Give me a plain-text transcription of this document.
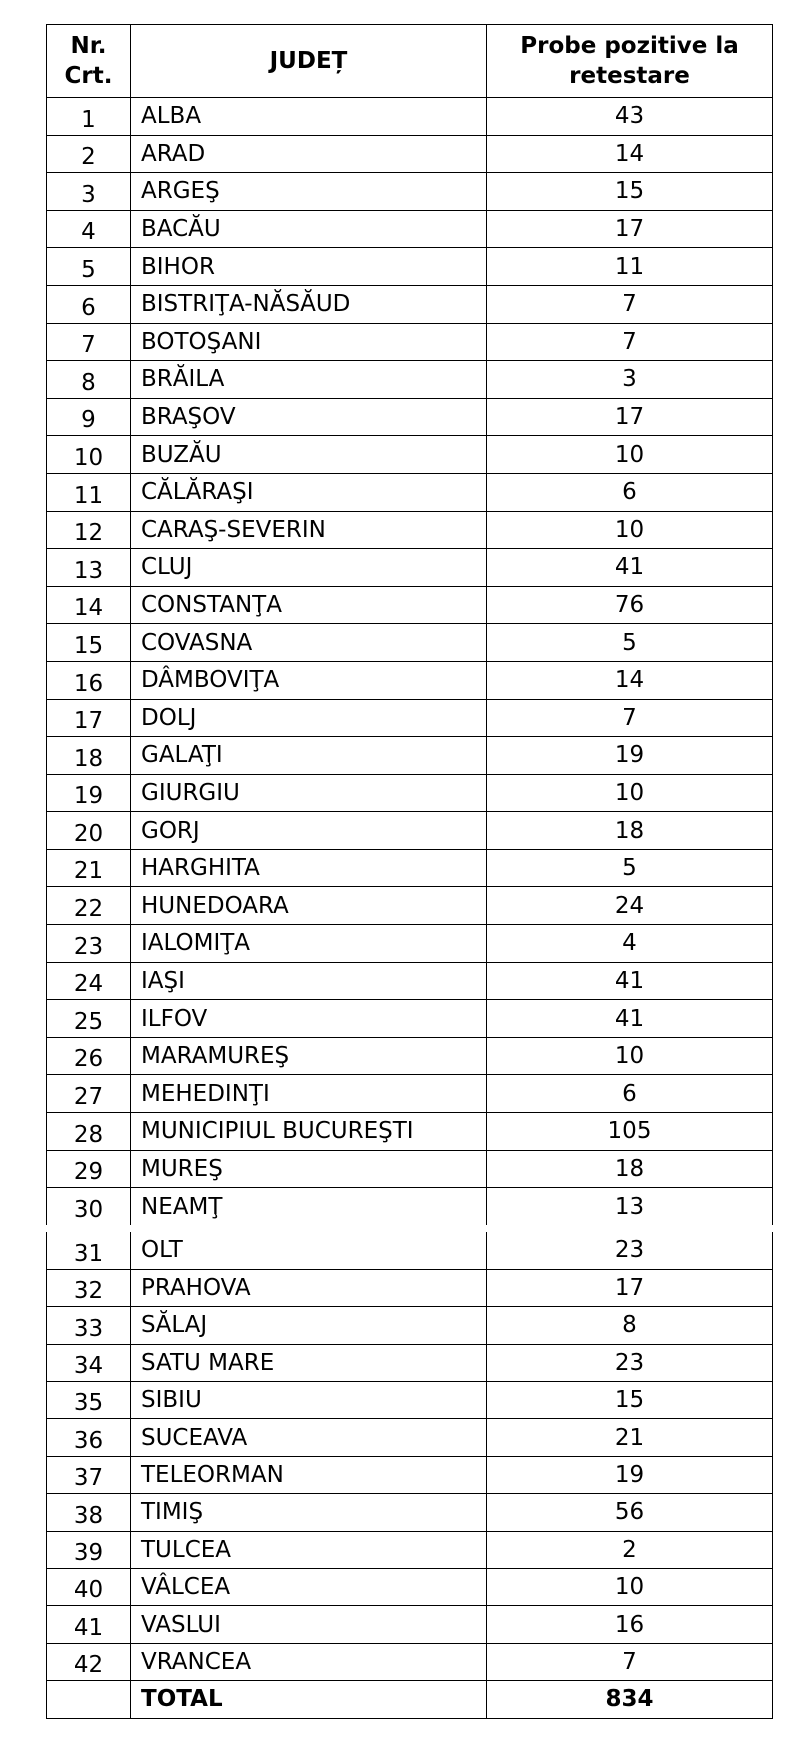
Nr. Crt.	JUDEȚ	Probe pozitive la retestare
1	ALBA	43
2	ARAD	14
3	ARGEŞ	15
4	BACĂU	17
5	BIHOR	11
6	BISTRIŢA-NĂSĂUD	7
7	BOTOŞANI	7
8	BRĂILA	3
9	BRAŞOV	17
10	BUZĂU	10
11	CĂLĂRAŞI	6
12	CARAŞ-SEVERIN	10
13	CLUJ	41
14	CONSTANŢA	76
15	COVASNA	5
16	DÂMBOVIŢA	14
17	DOLJ	7
18	GALAŢI	19
19	GIURGIU	10
20	GORJ	18
21	HARGHITA	5
22	HUNEDOARA	24
23	IALOMIŢA	4
24	IAŞI	41
25	ILFOV	41
26	MARAMUREŞ	10
27	MEHEDINŢI	6
28	MUNICIPIUL BUCUREŞTI	105
29	MUREŞ	18
30	NEAMŢ	13
31	OLT	23
32	PRAHOVA	17
33	SĂLAJ	8
34	SATU MARE	23
35	SIBIU	15
36	SUCEAVA	21
37	TELEORMAN	19
38	TIMIŞ	56
39	TULCEA	2
40	VÂLCEA	10
41	VASLUI	16
42	VRANCEA	7
	TOTAL	834
